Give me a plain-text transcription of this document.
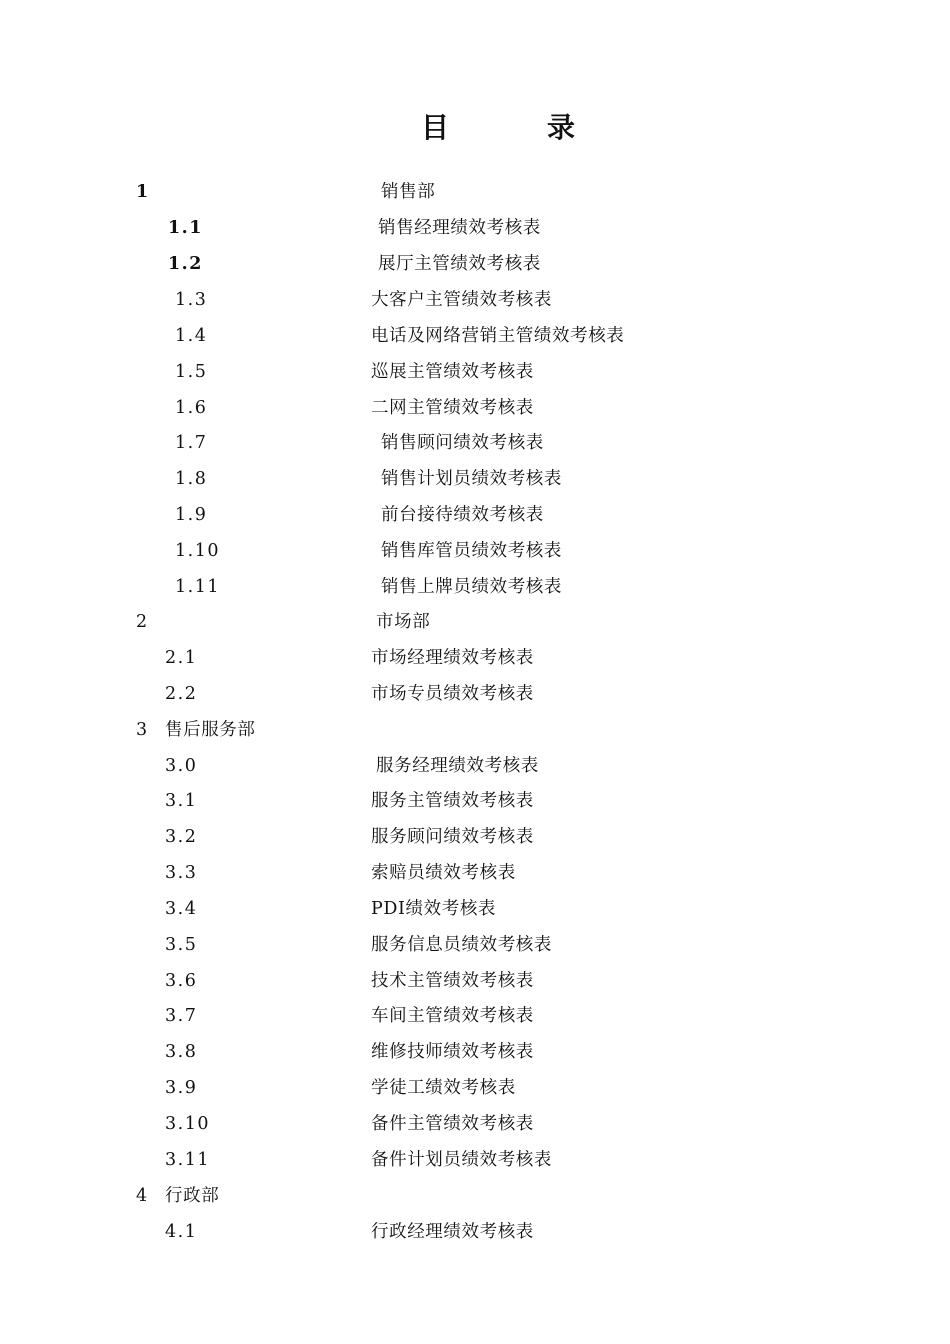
目	录
1	销售部
1.1	销售经理绩效考核表
1.2	展厅主管绩效考核表
1.3	大客户主管绩效考核表
1.4	电话及网络营销主管绩效考核表
1.5	巡展主管绩效考核表
1.6	二网主管绩效考核表
1.7	销售顾问绩效考核表
1.8	销售计划员绩效考核表
1.9	前台接待绩效考核表
1.10	销售库管员绩效考核表
1.11	销售上牌员绩效考核表
2	市场部
2.1	市场经理绩效考核表
2.2	市场专员绩效考核表
3 售后服务部
3.0	服务经理绩效考核表
3.1	服务主管绩效考核表
3.2	服务顾问绩效考核表
3.3	索赔员绩效考核表
3.4	PDI绩效考核表
3.5	服务信息员绩效考核表
3.6	技术主管绩效考核表
3.7	车间主管绩效考核表
3.8	维修技师绩效考核表
3.9	学徒工绩效考核表
3.10	备件主管绩效考核表
3.11	备件计划员绩效考核表
4 行政部
4.1	行政经理绩效考核表
